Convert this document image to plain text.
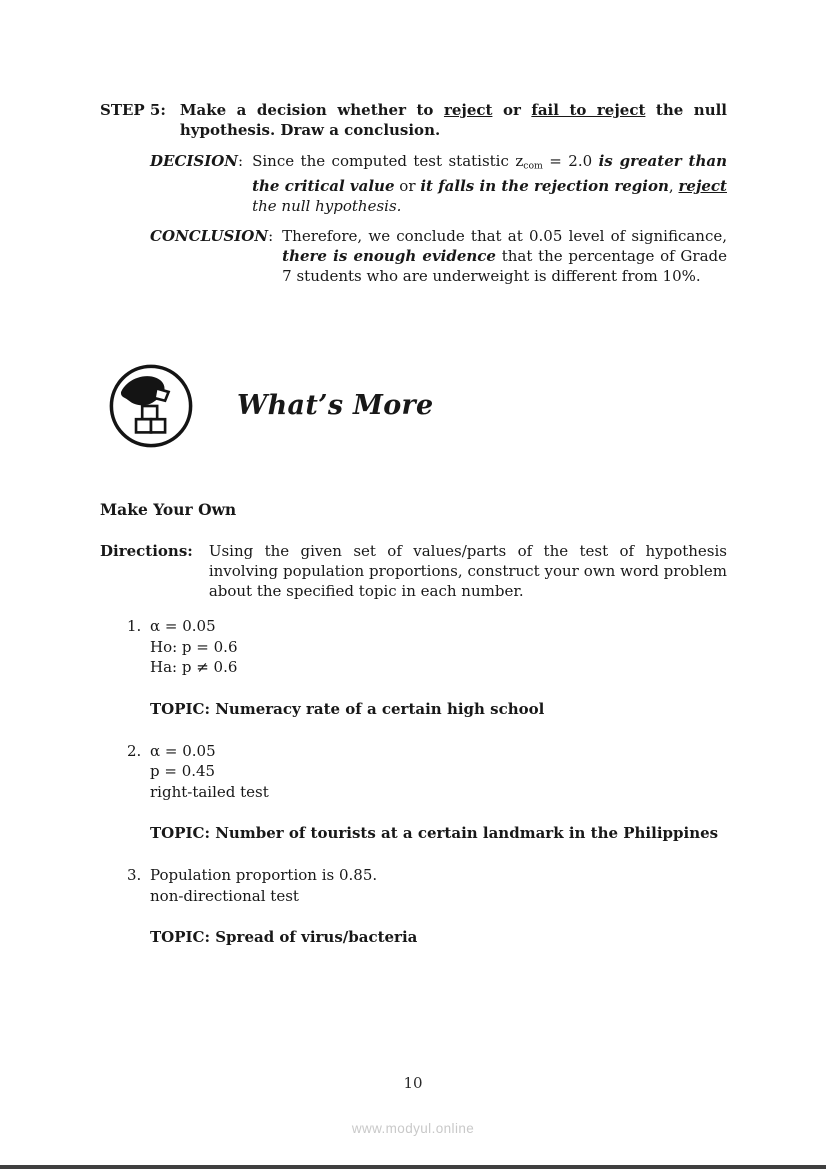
STEP 5: Make a decision whether to reject or fail to reject the null hypothesis. Draw a conclusion.
DECISION: Since the computed test statistic zcom = 2.0 is greater than the critical value or it falls in the rejection region, reject the null hypothesis.
CONCLUSION: Therefore, we conclude that at 0.05 level of significance, there is enough evidence that the percentage of Grade 7 students who are underweight is different from 10%.
What’s More
Make Your Own
Directions: Using the given set of values/parts of the test of hypothesis involving population proportions, construct your own word problem about the specified topic in each number.
1. α = 0.05
Ho: p = 0.6
Ha: p ≠ 0.6
TOPIC: Numeracy rate of a certain high school
2. α = 0.05
p = 0.45
right-tailed test
TOPIC: Number of tourists at a certain landmark in the Philippines
3. Population proportion is 0.85.
non-directional test
TOPIC: Spread of virus/bacteria
10
www.modyul.online
